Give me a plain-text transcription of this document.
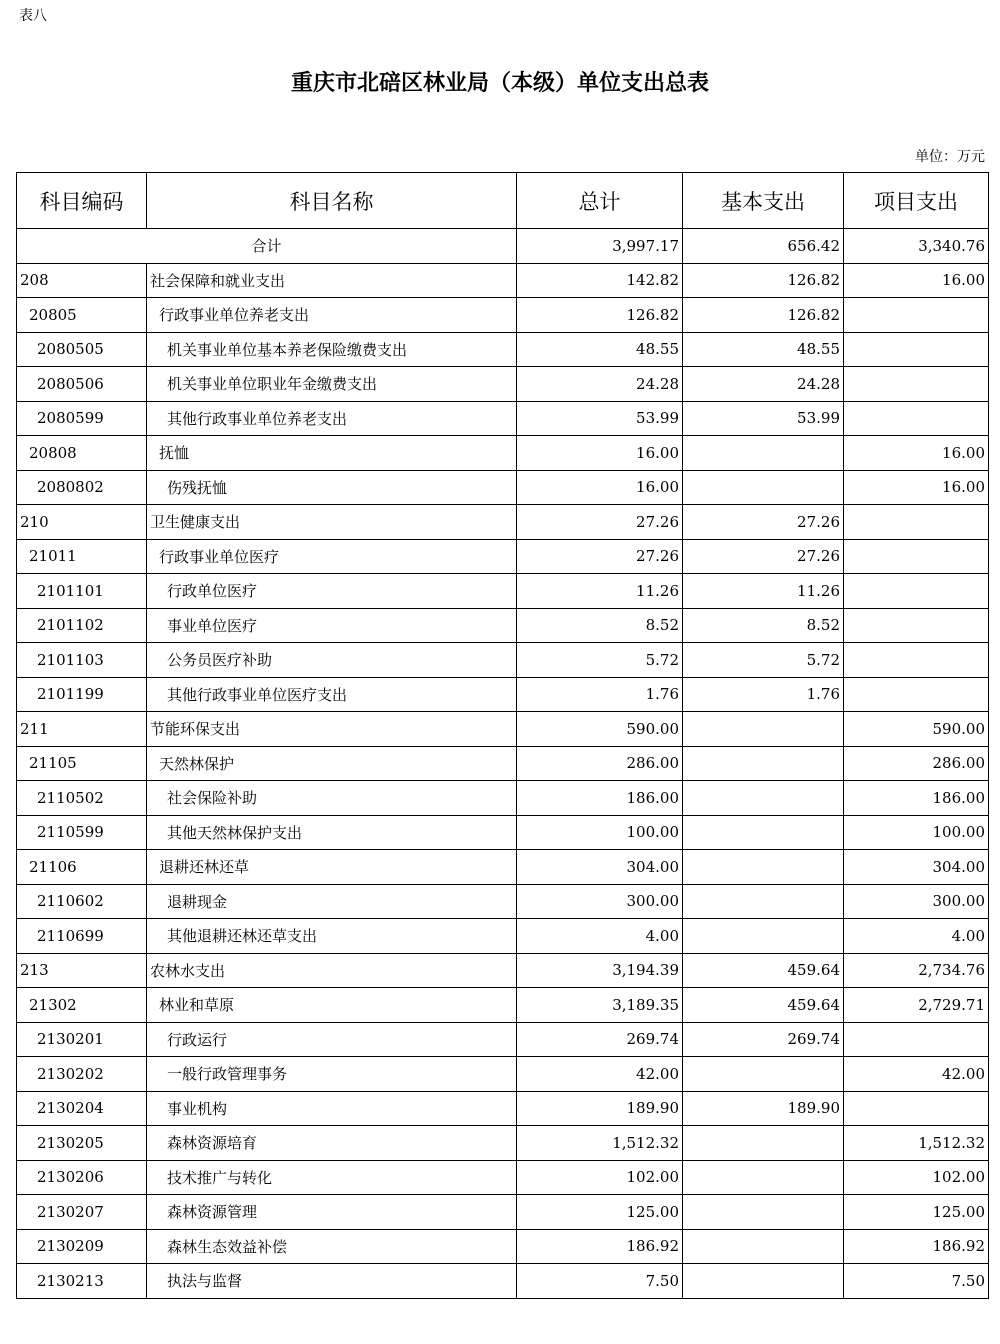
表八
重庆市北碚区林业局（本级）单位支出总表
单位：万元
科目编码	科目名称	总计	基本支出	项目支出
合计		3,997.17	656.42	3,340.76
208	社会保障和就业支出	142.82	126.82	16.00
20805	行政事业单位养老支出	126.82	126.82	
2080505	机关事业单位基本养老保险缴费支出	48.55	48.55	
2080506	机关事业单位职业年金缴费支出	24.28	24.28	
2080599	其他行政事业单位养老支出	53.99	53.99	
20808	抚恤	16.00		16.00
2080802	伤残抚恤	16.00		16.00
210	卫生健康支出	27.26	27.26	
21011	行政事业单位医疗	27.26	27.26	
2101101	行政单位医疗	11.26	11.26	
2101102	事业单位医疗	8.52	8.52	
2101103	公务员医疗补助	5.72	5.72	
2101199	其他行政事业单位医疗支出	1.76	1.76	
211	节能环保支出	590.00		590.00
21105	天然林保护	286.00		286.00
2110502	社会保险补助	186.00		186.00
2110599	其他天然林保护支出	100.00		100.00
21106	退耕还林还草	304.00		304.00
2110602	退耕现金	300.00		300.00
2110699	其他退耕还林还草支出	4.00		4.00
213	农林水支出	3,194.39	459.64	2,734.76
21302	林业和草原	3,189.35	459.64	2,729.71
2130201	行政运行	269.74	269.74	
2130202	一般行政管理事务	42.00		42.00
2130204	事业机构	189.90	189.90	
2130205	森林资源培育	1,512.32		1,512.32
2130206	技术推广与转化	102.00		102.00
2130207	森林资源管理	125.00		125.00
2130209	森林生态效益补偿	186.92		186.92
2130213	执法与监督	7.50		7.50
